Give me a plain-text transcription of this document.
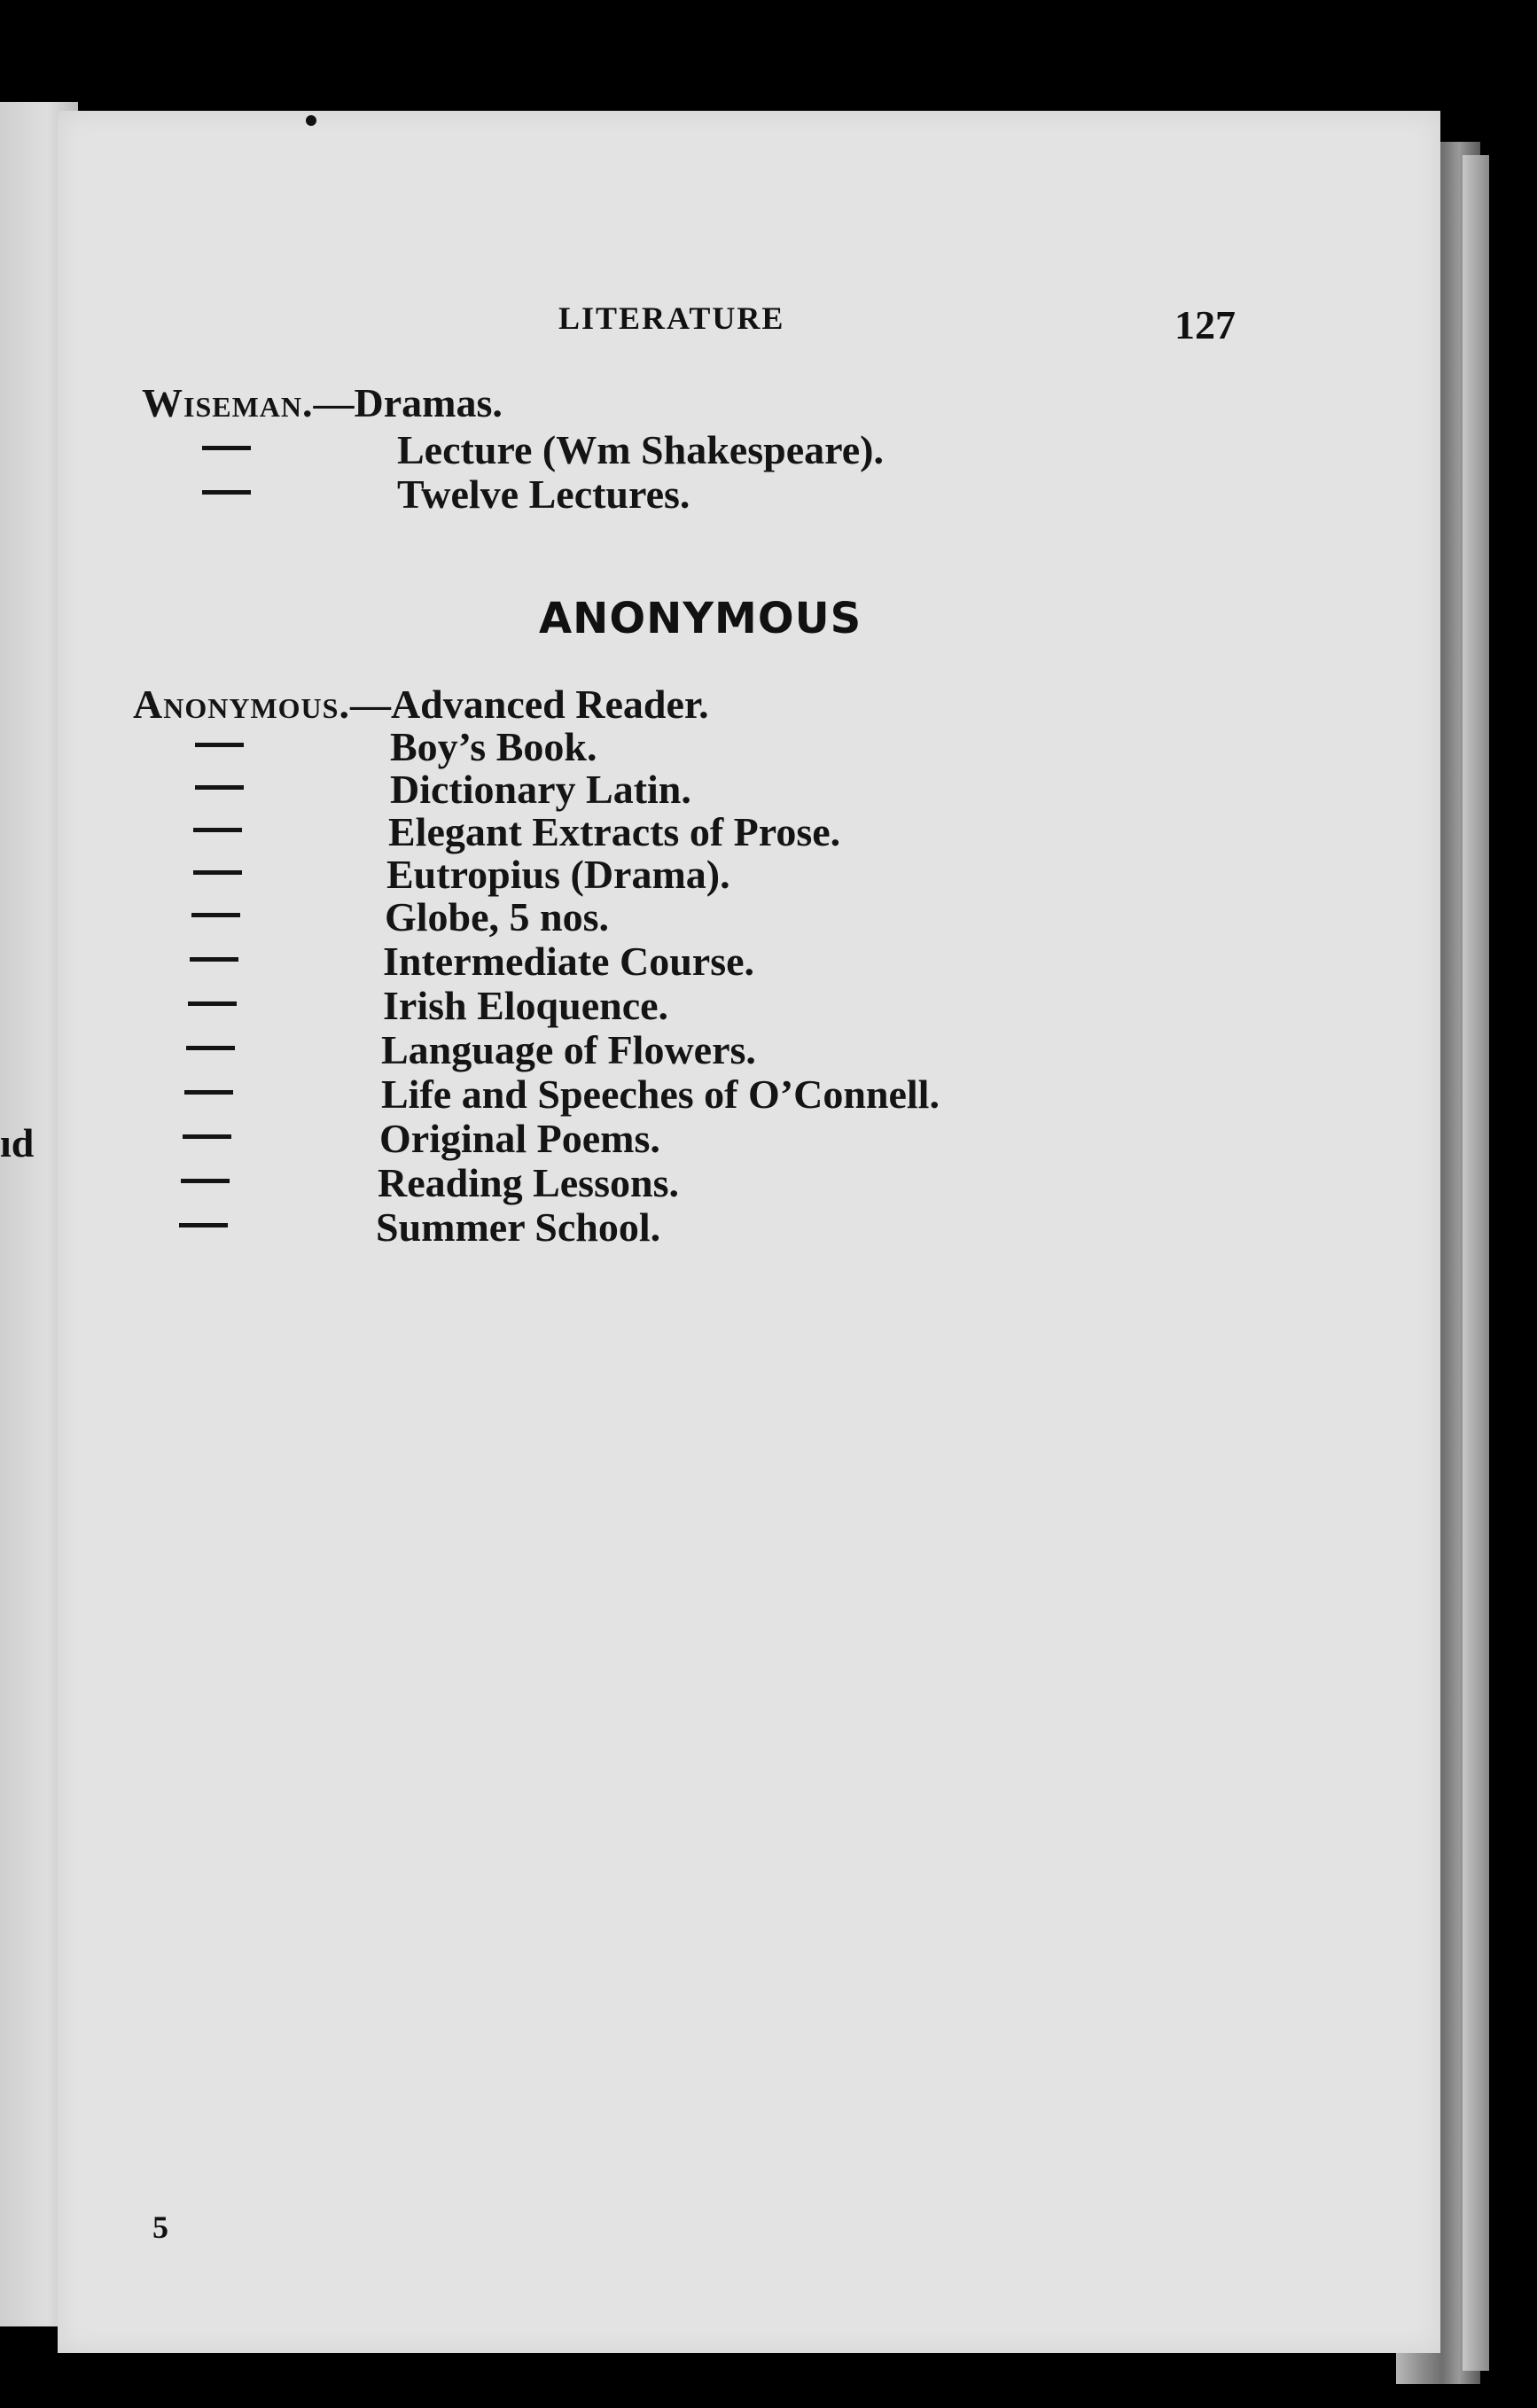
ıd
LITERATURE	127
Wiseman.—Dramas.
Lecture (Wm Shakespeare).
Twelve Lectures.
ANONYMOUS
Anonymous.—Advanced Reader.
Boy’s Book.
Dictionary Latin.
Elegant Extracts of Prose.
Eutropius (Drama).
Globe, 5 nos.
Intermediate Course.
Irish Eloquence.
Language of Flowers.
Life and Speeches of O’Connell.
Original Poems.
Reading Lessons.
Summer School.
5
